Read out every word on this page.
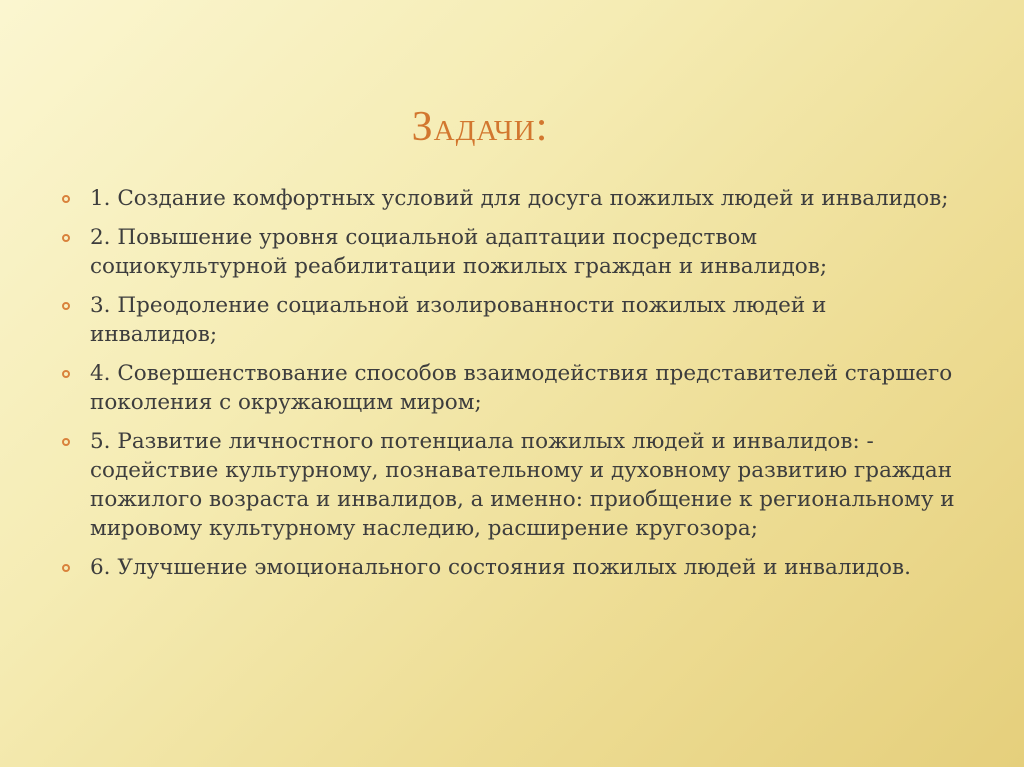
Задачи:
1. Создание комфортных условий для досуга пожилых людей и инвалидов;
2. Повышение уровня социальной адаптации посредством социокультурной реабилитации пожилых граждан и инвалидов;
3. Преодоление социальной изолированности пожилых людей и инвалидов;
4. Совершенствование способов взаимодействия представителей старшего поколения с окружающим миром;
5. Развитие личностного потенциала пожилых людей и инвалидов: - содействие культурному, познавательному и духовному развитию граждан пожилого возраста и инвалидов, а именно: приобщение к региональному и мировому культурному наследию, расширение кругозора;
6. Улучшение эмоционального состояния пожилых людей и инвалидов.
